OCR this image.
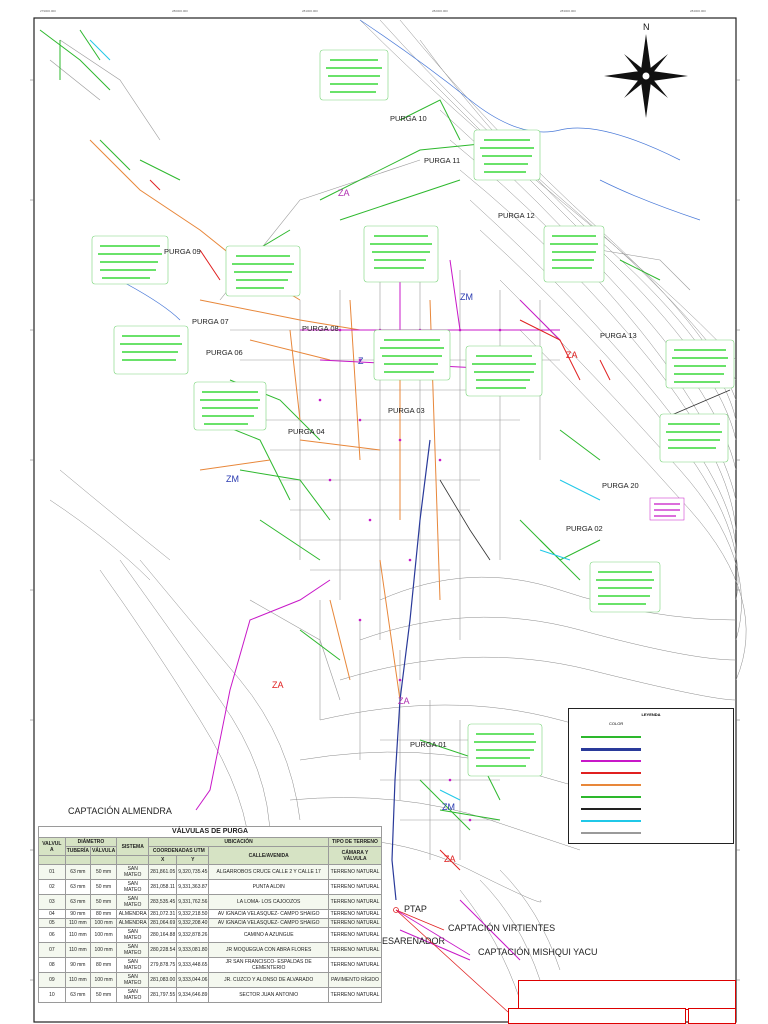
279000.000	280000.000	281000.000	282000.000	283000.000	284000.000
PURGA 10
PURGA 11
PURGA 12
PURGA 09
PURGA 08
PURGA 07
PURGA 06
PURGA 13
PURGA 03
PURGA 04
PURGA 20
PURGA 02
PURGA 01
ZA
ZM
ZA
Z
ZM
ZA
ZA
ZM
ZA
CAPTACIÓN ALMENDRA
PTAP
CAPTACIÓN VIRTIENTES
ESARENADOR
CAPTACIÓN MISHQUI YACU
N
VÁLVULAS DE PURGA							
VALVUL A	DIÁMETRO		SISTEMA	UBICACIÓN			TIPO DE TERRENO
	TUBERÍA	VÁLVULA		COORDENADAS UTM		CALLE/AVENIDA	CÁMARA Y VÁLVULA
				X	Y		
01	63 mm	50 mm	SAN MATEO	281,861.05	9,320,735.45	ALGARROBOS CRUCE CALLE 2 Y CALLE 17	TERRENO NATURAL
02	63 mm	50 mm	SAN MATEO	281,058.11	9,331,363.87	PUNTA ALDIN	TERRENO NATURAL
03	63 mm	50 mm	SAN MATEO	283,535.45	9,331,762.56	LA LOMA- LOS CAJOOZOS	TERRENO NATURAL
04	90 mm	80 mm	ALMENDRA	281,072.31	9,332,218.50	AV IGNACIA VELASQUEZ- CAMPO SHAIGO	TERRENO NATURAL
05	110 mm	100 mm	ALMENDRA	281,064.69	9,332,208.40	AV IGNACIA VELASQUEZ- CAMPO SHAIGO	TERRENO NATURAL
06	110 mm	100 mm	SAN MATEO	280,164.88	9,332,878.26	CAMINO A AZUNGUE	TERRENO NATURAL
07	110 mm	100 mm	SAN MATEO	280,228.54	9,333,081.80	JR MOQUEGUA CON ABRA FLORES	TERRENO NATURAL
08	90 mm	80 mm	SAN MATEO	279,878.75	9,333,448.65	JR SAN FRANCISCO- ESPALDAS DE CEMENTERIO	TERRENO NATURAL
09	110 mm	100 mm	SAN MATEO	281,083.00	9,333,044.06	JR. CUZCO Y ALONSO DE ALVARADO	PAVIMENTO RÍGIDO
10	63 mm	50 mm	SAN MATEO	281,797.55	9,334,646.89	SECTOR JUAN ANTONIO	TERRENO NATURAL
LEYENDA
COLOR
